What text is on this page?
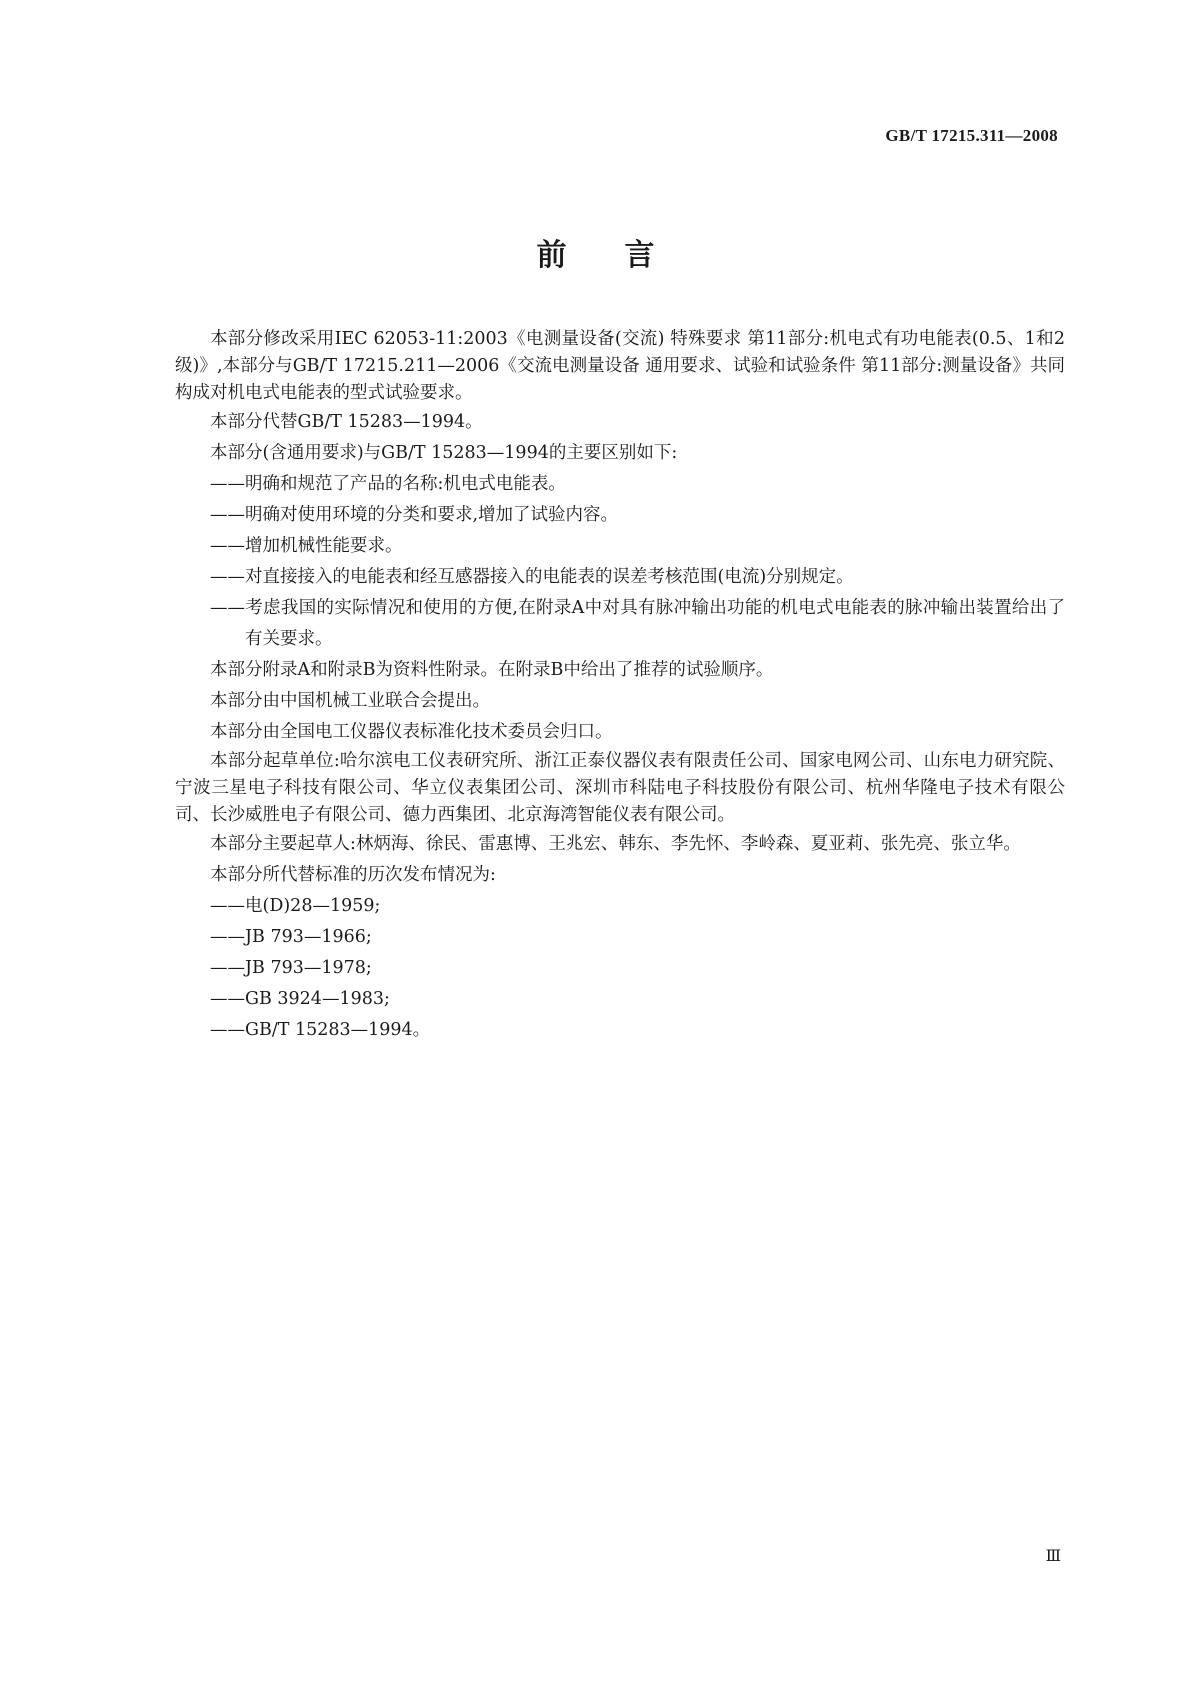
GB/T 17215.311—2008
前 言

本部分修改采用IEC 62053-11:2003《电测量设备(交流) 特殊要求 第11部分:机电式有功电能表(0.5、1和2级)》,本部分与GB/T 17215.211—2006《交流电测量设备 通用要求、试验和试验条件 第11部分:测量设备》共同构成对机电式电能表的型式试验要求。

本部分代替GB/T 15283—1994。

本部分(含通用要求)与GB/T 15283—1994的主要区别如下:

——明确和规范了产品的名称:机电式电能表。

——明确对使用环境的分类和要求,增加了试验内容。

——增加机械性能要求。

——对直接接入的电能表和经互感器接入的电能表的误差考核范围(电流)分别规定。

——考虑我国的实际情况和使用的方便,在附录A中对具有脉冲输出功能的机电式电能表的脉冲输出装置给出了有关要求。

本部分附录A和附录B为资料性附录。在附录B中给出了推荐的试验顺序。

本部分由中国机械工业联合会提出。

本部分由全国电工仪器仪表标准化技术委员会归口。

本部分起草单位:哈尔滨电工仪表研究所、浙江正泰仪器仪表有限责任公司、国家电网公司、山东电力研究院、宁波三星电子科技有限公司、华立仪表集团公司、深圳市科陆电子科技股份有限公司、杭州华隆电子技术有限公司、长沙威胜电子有限公司、德力西集团、北京海湾智能仪表有限公司。

本部分主要起草人:林炳海、徐民、雷惠博、王兆宏、韩东、李先怀、李岭森、夏亚莉、张先亮、张立华。

本部分所代替标准的历次发布情况为:

——电(D)28—1959;

——JB 793—1966;

——JB 793—1978;

——GB 3924—1983;

——GB/T 15283—1994。

Ⅲ
